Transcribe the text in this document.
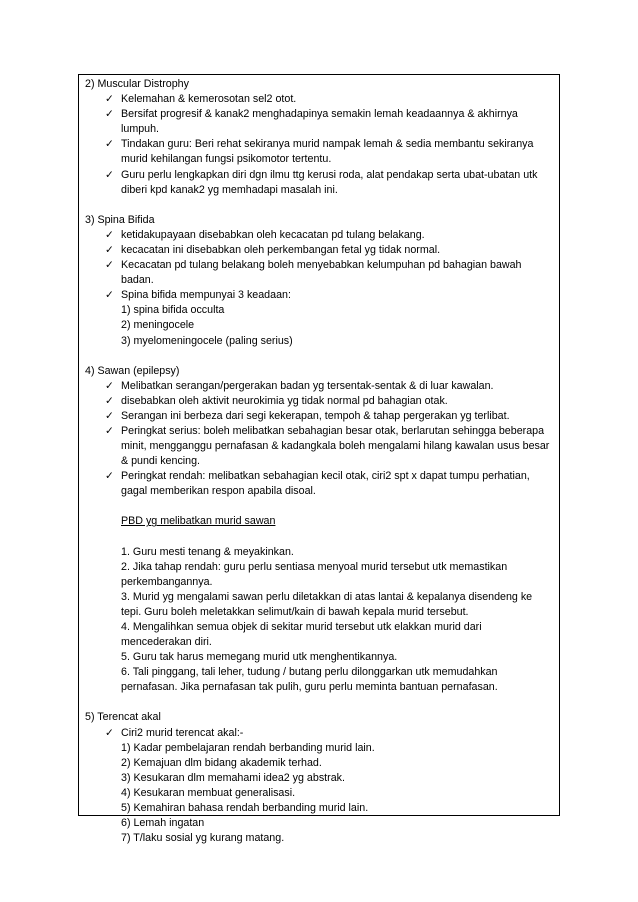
2) Muscular Distrophy
✓ Kelemahan & kemerosotan sel2 otot.
✓ Bersifat progresif & kanak2 menghadapinya semakin lemah keadaannya & akhirnya lumpuh.
✓ Tindakan guru: Beri rehat sekiranya murid nampak lemah & sedia membantu sekiranya murid kehilangan fungsi psikomotor tertentu.
✓ Guru perlu lengkapkan diri dgn ilmu ttg kerusi roda, alat pendakap serta ubat-ubatan utk diberi kpd kanak2 yg memhadapi masalah ini.
3) Spina Bifida
✓ ketidakupayaan disebabkan oleh kecacatan pd tulang belakang.
✓ kecacatan ini disebabkan oleh perkembangan fetal yg tidak normal.
✓ Kecacatan pd tulang belakang boleh menyebabkan kelumpuhan pd bahagian bawah badan.
✓ Spina bifida mempunyai 3 keadaan:
1) spina bifida occulta
2) meningocele
3) myelomeningocele (paling serius)
4) Sawan (epilepsy)
✓ Melibatkan serangan/pergerakan badan yg tersentak-sentak & di luar kawalan.
✓ disebabkan oleh aktivit neurokimia yg tidak normal pd bahagian otak.
✓ Serangan ini berbeza dari segi kekerapan, tempoh & tahap pergerakan yg terlibat.
✓ Peringkat serius: boleh melibatkan sebahagian besar otak, berlarutan sehingga beberapa minit, mengganggu pernafasan & kadangkala boleh mengalami hilang kawalan usus besar & pundi kencing.
✓ Peringkat rendah: melibatkan sebahagian kecil otak, ciri2 spt x dapat tumpu perhatian, gagal memberikan respon apabila disoal.
PBD yg melibatkan murid sawan
1. Guru mesti tenang & meyakinkan.
2. Jika tahap rendah: guru perlu sentiasa menyoal murid tersebut utk memastikan perkembangannya.
3. Murid yg mengalami sawan perlu diletakkan di atas lantai & kepalanya disendeng ke tepi. Guru boleh meletakkan selimut/kain di bawah kepala murid tersebut.
4. Mengalihkan semua objek di sekitar murid tersebut utk elakkan murid dari mencederakan diri.
5. Guru tak harus memegang murid utk menghentikannya.
6. Tali pinggang, tali leher, tudung / butang perlu dilonggarkan utk memudahkan pernafasan. Jika pernafasan tak pulih, guru perlu meminta bantuan pernafasan.
5) Terencat akal
✓ Ciri2 murid terencat akal:-
1) Kadar pembelajaran rendah berbanding murid lain.
2) Kemajuan dlm bidang akademik terhad.
3) Kesukaran dlm memahami idea2 yg abstrak.
4) Kesukaran membuat generalisasi.
5) Kemahiran bahasa rendah berbanding murid lain.
6) Lemah ingatan
7) T/laku sosial yg kurang matang.
